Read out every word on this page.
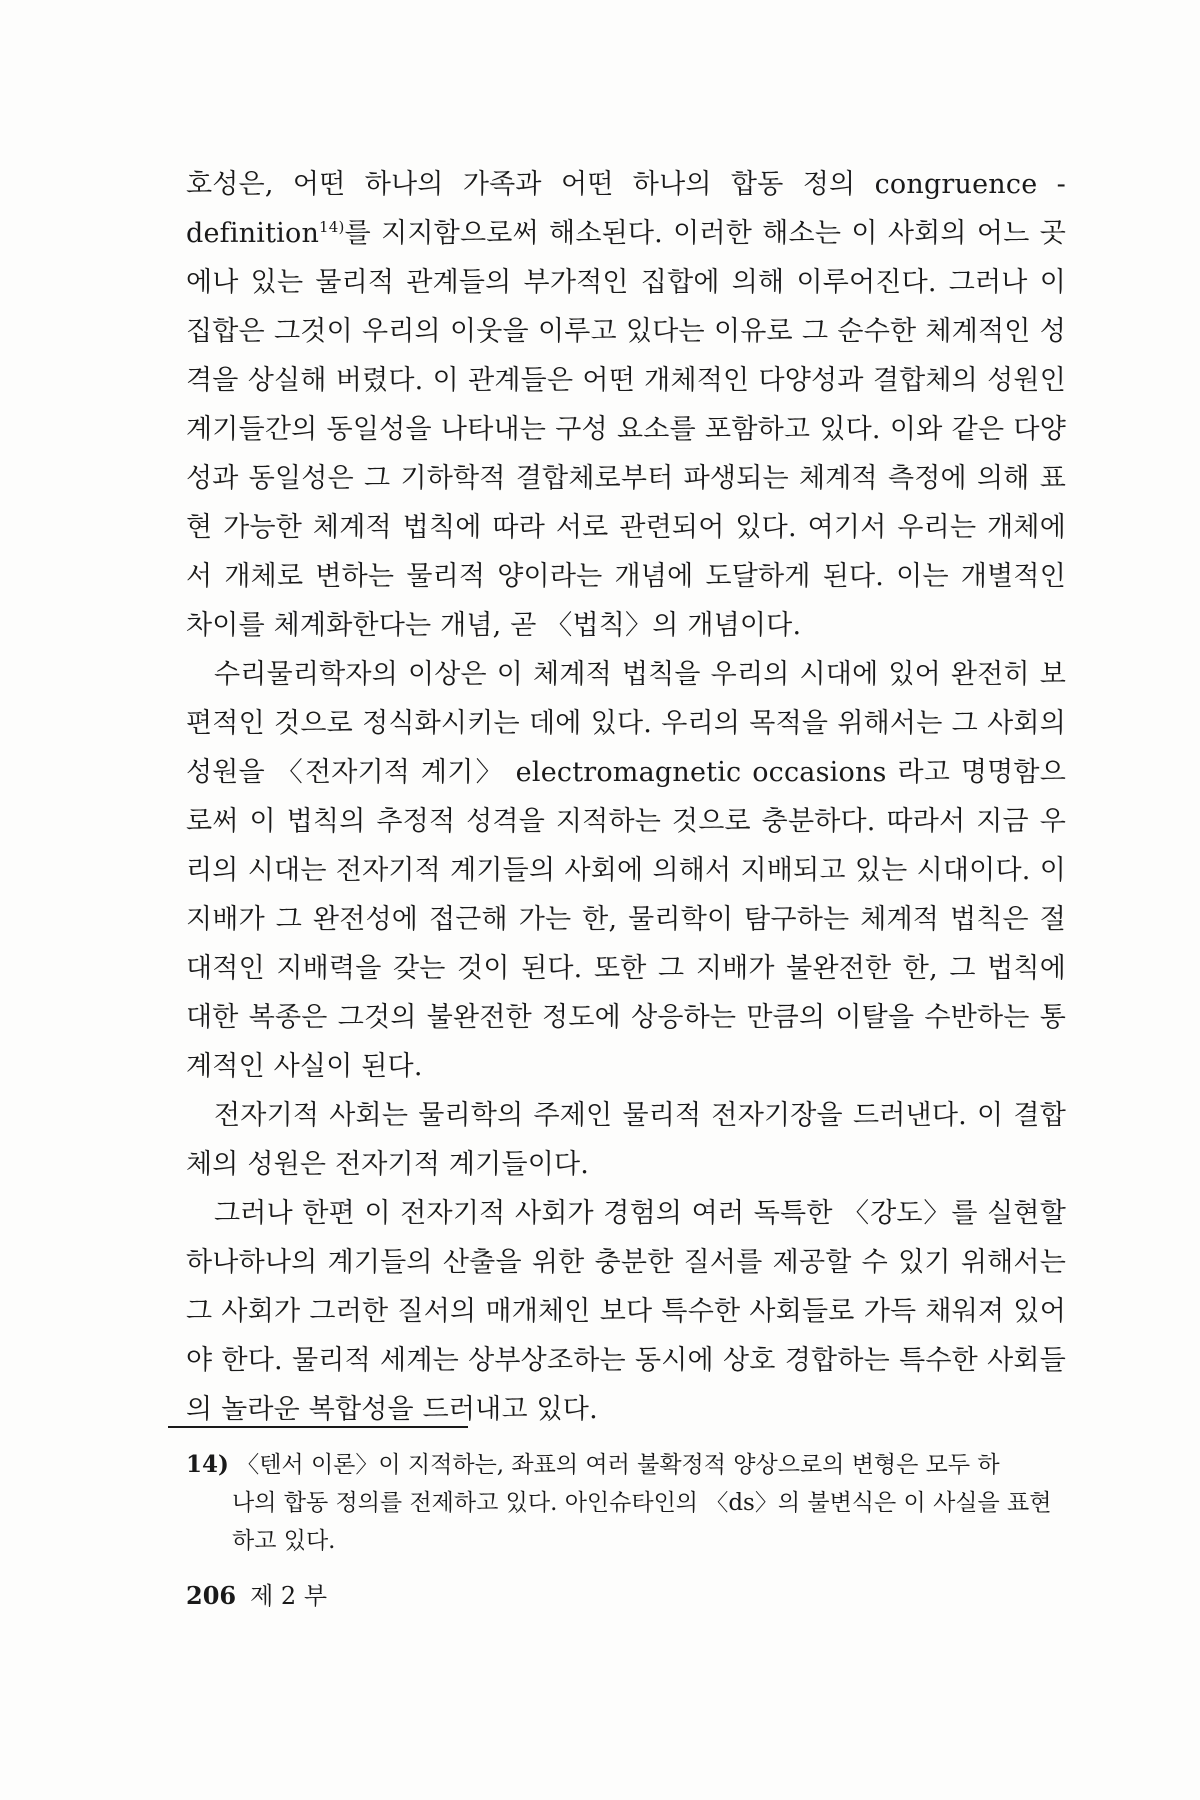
호성은, 어떤 하나의 가족과 어떤 하나의 합동 정의 congruence -definition$^{14)}$를 지지함으로써 해소된다. 이러한 해소는 이 사회의 어느 곳에나 있는 물리적 관계들의 부가적인 집합에 의해 이루어진다. 그러나 이 집합은 그것이 우리의 이웃을 이루고 있다는 이유로 그 순수한 체계적인 성격을 상실해 버렸다. 이 관계들은 어떤 개체적인 다양성과 결합체의 성원인 계기들간의 동일성을 나타내는 구성 요소를 포함하고 있다. 이와 같은 다양성과 동일성은 그 기하학적 결합체로부터 파생되는 체계적 측정에 의해 표현 가능한 체계적 법칙에 따라 서로 관련되어 있다. 여기서 우리는 개체에서 개체로 변하는 물리적 양이라는 개념에 도달하게 된다. 이는 개별적인 차이를 체계화한다는 개념, 곧 〈법칙〉의 개념이다.

수리물리학자의 이상은 이 체계적 법칙을 우리의 시대에 있어 완전히 보편적인 것으로 정식화시키는 데에 있다. 우리의 목적을 위해서는 그 사회의 성원을 〈전자기적 계기〉 electromagnetic occasions 라고 명명함으로써 이 법칙의 추정적 성격을 지적하는 것으로 충분하다. 따라서 지금 우리의 시대는 전자기적 계기들의 사회에 의해서 지배되고 있는 시대이다. 이 지배가 그 완전성에 접근해 가는 한, 물리학이 탐구하는 체계적 법칙은 절대적인 지배력을 갖는 것이 된다. 또한 그 지배가 불완전한 한, 그 법칙에 대한 복종은 그것의 불완전한 정도에 상응하는 만큼의 이탈을 수반하는 통계적인 사실이 된다.

전자기적 사회는 물리학의 주제인 물리적 전자기장을 드러낸다. 이 결합체의 성원은 전자기적 계기들이다.

그러나 한편 이 전자기적 사회가 경험의 여러 독특한 〈강도〉를 실현할 하나하나의 계기들의 산출을 위한 충분한 질서를 제공할 수 있기 위해서는 그 사회가 그러한 질서의 매개체인 보다 특수한 사회들로 가득 채워져 있어야 한다. 물리적 세계는 상부상조하는 동시에 상호 경합하는 특수한 사회들의 놀라운 복합성을 드러내고 있다.

14) 〈텐서 이론〉이 지적하는, 좌표의 여러 불확정적 양상으로의 변형은 모두 하
나의 합동 정의를 전제하고 있다. 아인슈타인의 〈ds〉의 불변식은 이 사실을 표현하고 있다.
206 제 2 부
